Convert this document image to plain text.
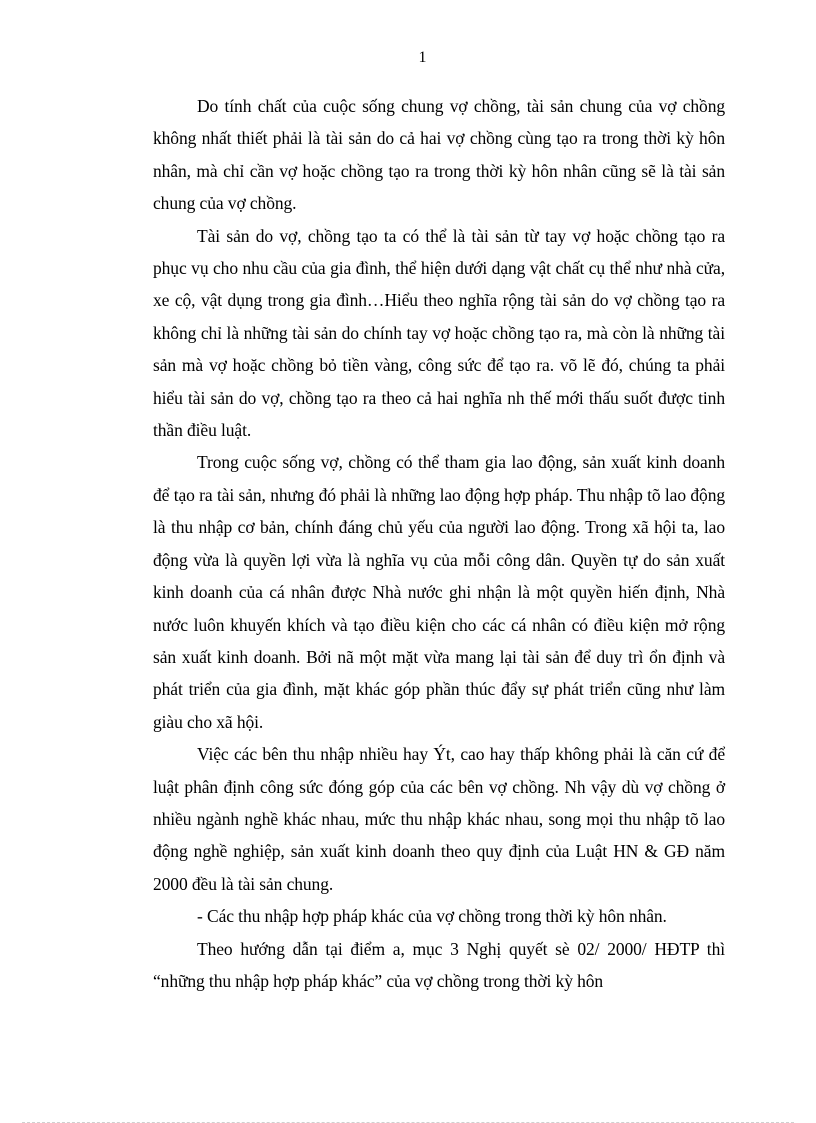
1

Do tính chất của cuộc sống chung vợ chồng, tài sản chung của vợ chồng không nhất thiết phải là tài sản do cả hai vợ chồng cùng tạo ra trong thời kỳ hôn nhân, mà chỉ cần vợ hoặc chồng tạo ra trong thời kỳ hôn nhân cũng sẽ là tài sản chung của vợ chồng.

Tài sản do vợ, chồng tạo ta có thể là tài sản từ tay vợ hoặc chồng tạo ra phục vụ cho nhu cầu của gia đình, thể hiện dưới dạng vật chất cụ thể như nhà cửa, xe cộ, vật dụng trong gia đình…Hiểu theo nghĩa rộng tài sản do vợ chồng tạo ra không chỉ là những tài sản do chính tay vợ hoặc chồng tạo ra, mà còn là những tài sản mà vợ hoặc chồng bỏ tiền vàng, công sức để tạo ra. võ lẽ đó, chúng ta phải hiểu tài sản do vợ, chồng tạo ra theo cả hai nghĩa nh thế mới thấu suốt được tinh thần điều luật.

Trong cuộc sống vợ, chồng có thể tham gia lao động, sản xuất kinh doanh để tạo ra tài sản, nhưng đó phải là những lao động hợp pháp. Thu nhập tõ lao động là thu nhập cơ bản, chính đáng chủ yếu của người lao động. Trong xã hội ta, lao động vừa là quyền lợi vừa là nghĩa vụ của mỗi công dân. Quyền tự do sản xuất kinh doanh của cá nhân được Nhà nước ghi nhận là một quyền hiến định, Nhà nước luôn khuyến khích và tạo điều kiện cho các cá nhân có điều kiện mở rộng sản xuất kinh doanh. Bởi nã một mặt vừa mang lại tài sản để duy trì ổn định và phát triển của gia đình, mặt khác góp phần thúc đẩy sự phát triển cũng như làm giàu cho xã hội.

Việc các bên thu nhập nhiều hay Ýt, cao hay thấp không phải là căn cứ để luật phân định công sức đóng góp của các bên vợ chồng. Nh vậy dù vợ chồng ở nhiều ngành nghề khác nhau, mức thu nhập khác nhau, song mọi thu nhập tõ lao động nghề nghiệp, sản xuất kinh doanh theo quy định của Luật HN & GĐ năm 2000 đều là tài sản chung.

- Các thu nhập hợp pháp khác của vợ chồng trong thời kỳ hôn nhân.

Theo hướng dẫn tại điểm a, mục 3 Nghị quyết sè 02/ 2000/ HĐTP thì “những thu nhập hợp pháp khác” của vợ chồng trong thời kỳ hôn
